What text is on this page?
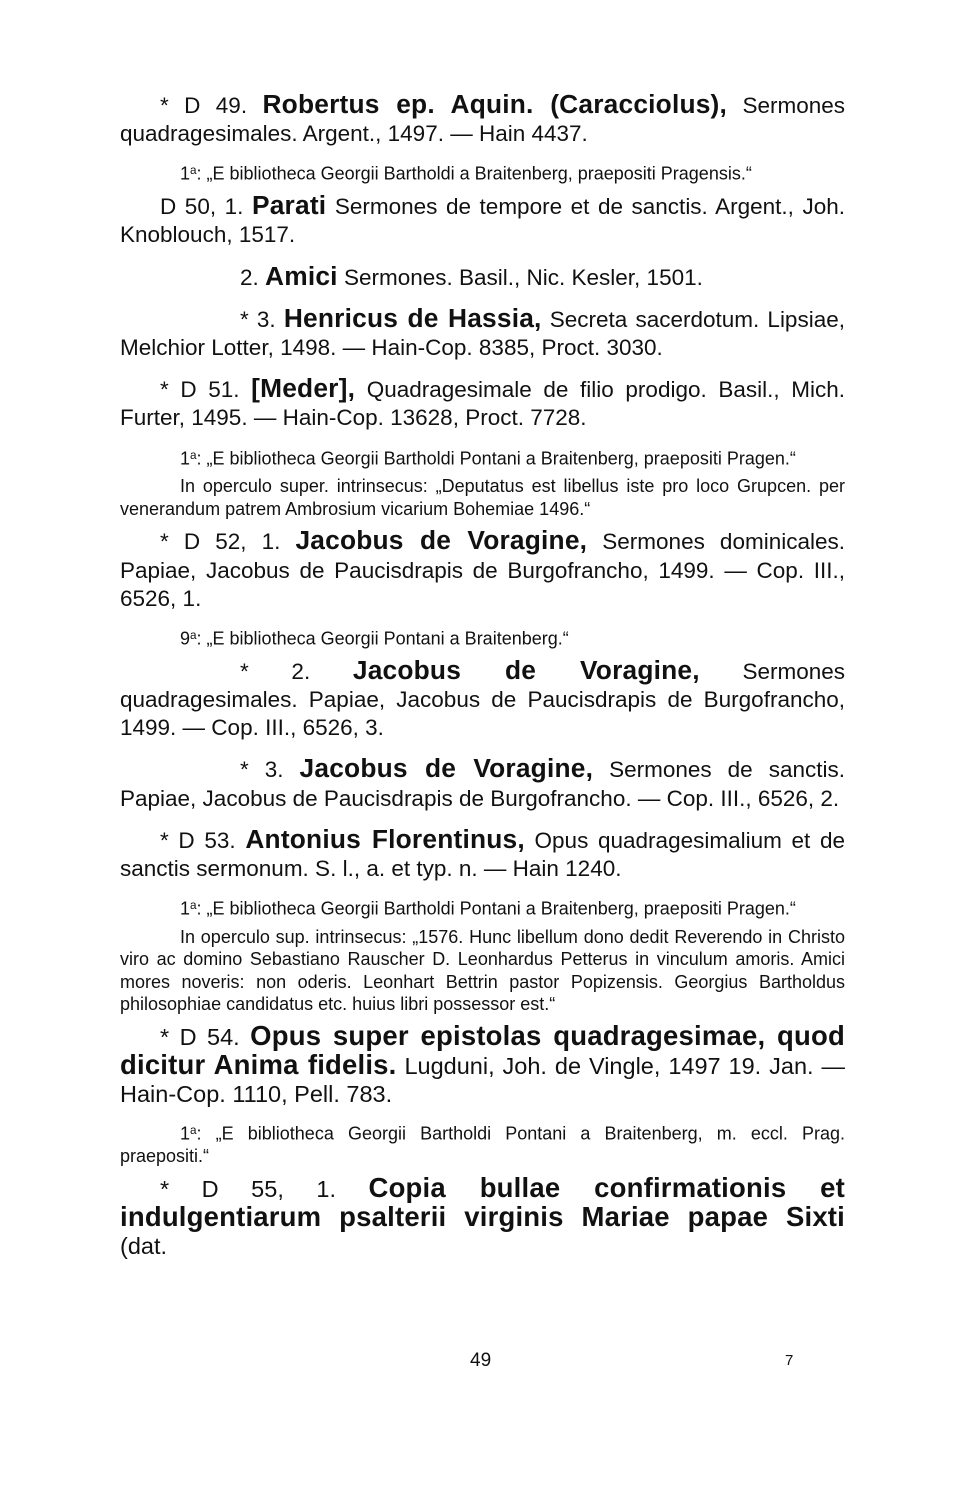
* D 49. Robertus ep. Aquin. (Caracciolus), Sermones quadragesimales. Argent., 1497. — Hain 4437.

1$^a$: „E bibliotheca Georgii Bartholdi a Braitenberg, praepositi Pragensis.“

D 50, 1. Parati Sermones de tempore et de sanctis. Argent., Joh. Knoblouch, 1517.

2. Amici Sermones. Basil., Nic. Kesler, 1501.

* 3. Henricus de Hassia, Secreta sacerdotum. Lipsiae, Melchior Lotter, 1498. — Hain-Cop. 8385, Proct. 3030.

* D 51. [Meder], Quadragesimale de filio prodigo. Basil., Mich. Furter, 1495. — Hain-Cop. 13628, Proct. 7728.

1$^a$: „E bibliotheca Georgii Bartholdi Pontani a Braitenberg, praepositi Pragen.“

In operculo super. intrinsecus: „Deputatus est libellus iste pro loco Grupcen. per venerandum patrem Ambrosium vicarium Bohemiae 1496.“

* D 52, 1. Jacobus de Voragine, Sermones dominicales. Papiae, Jacobus de Paucisdrapis de Burgofrancho, 1499. — Cop. III., 6526, 1.

9$^a$: „E bibliotheca Georgii Pontani a Braitenberg.“

* 2. Jacobus de Voragine, Sermones quadragesimales. Papiae, Jacobus de Paucisdrapis de Burgofrancho, 1499. — Cop. III., 6526, 3.

* 3. Jacobus de Voragine, Sermones de sanctis. Papiae, Jacobus de Paucisdrapis de Burgofrancho. — Cop. III., 6526, 2.

* D 53. Antonius Florentinus, Opus quadragesimalium et de sanctis sermonum. S. l., a. et typ. n. — Hain 1240.

1$^a$: „E bibliotheca Georgii Bartholdi Pontani a Braitenberg, praepositi Pragen.“

In operculo sup. intrinsecus: „1576. Hunc libellum dono dedit Reverendo in Christo viro ac domino Sebastiano Rauscher D. Leonhardus Petterus in vinculum amoris. Amici mores noveris: non oderis. Leonhart Bettrin pastor Popizensis. Georgius Bartholdus philosophiae candidatus etc. huius libri possessor est.“

* D 54. Opus super epistolas quadragesimae, quod dicitur Anima fidelis. Lugduni, Joh. de Vingle, 1497 19. Jan. — Hain-Cop. 1110, Pell. 783.

1$^a$: „E bibliotheca Georgii Bartholdi Pontani a Braitenberg, m. eccl. Prag. praepositi.“

* D 55, 1. Copia bullae confirmationis et indulgentiarum psalterii virginis Mariae papae Sixti (dat.

49	7
